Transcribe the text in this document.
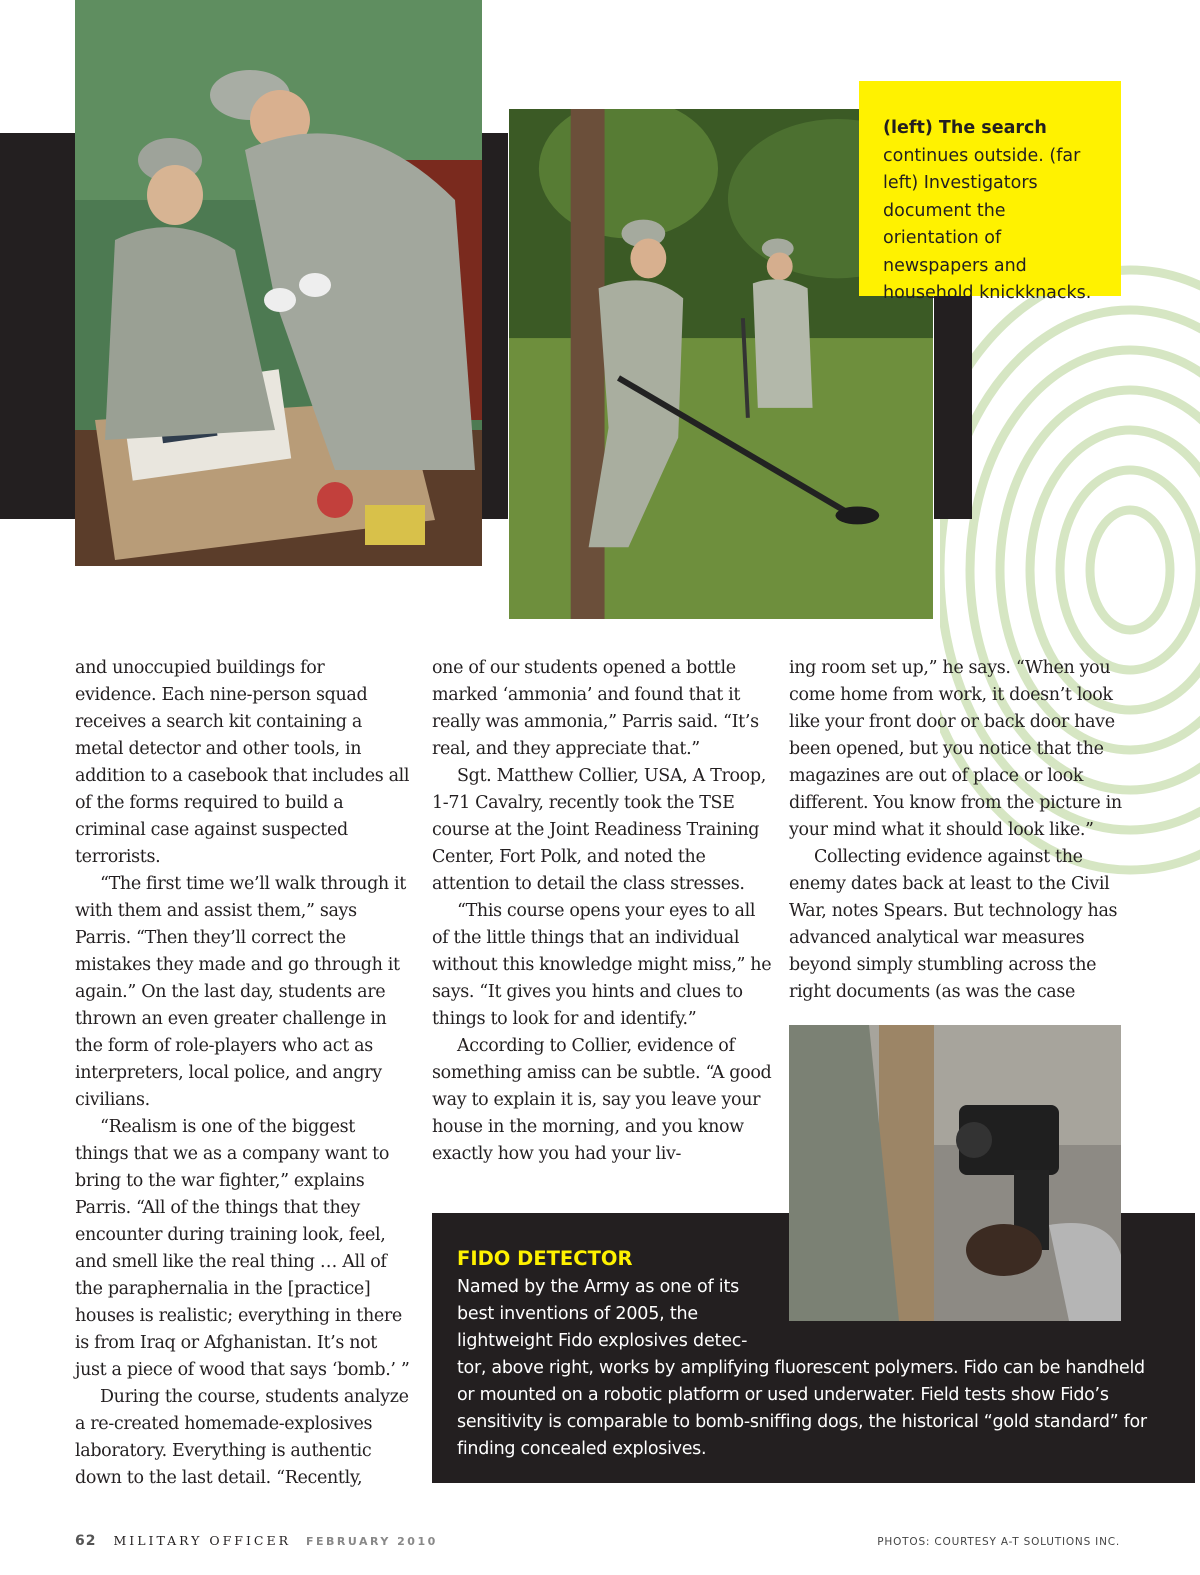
(left) The search continues outside. (far left) Investigators document the orientation of newspapers and household knickknacks.

and unoccupied buildings for evidence. Each nine-person squad receives a search kit containing a metal detector and other tools, in addition to a casebook that includes all of the forms required to build a criminal case against suspected terrorists.

“The first time we’ll walk through it with them and assist them,” says Parris. “Then they’ll correct the mistakes they made and go through it again.” On the last day, students are thrown an even greater challenge in the form of role-players who act as interpreters, local police, and angry civilians.

“Realism is one of the biggest things that we as a company want to bring to the war fighter,” explains Parris. “All of the things that they encounter during training look, feel, and smell like the real thing … All of the paraphernalia in the [practice] houses is realistic; everything in there is from Iraq or Afghanistan. It’s not just a piece of wood that says ‘bomb.’ ”

During the course, students analyze a re-created homemade-explosives laboratory. Everything is authentic down to the last detail. “Recently,

one of our students opened a bottle marked ‘ammonia’ and found that it really was ammonia,” Parris said. “It’s real, and they appreciate that.”

Sgt. Matthew Collier, USA, A Troop, 1-71 Cavalry, recently took the TSE course at the Joint Readiness Training Center, Fort Polk, and noted the attention to detail the class stresses.

“This course opens your eyes to all of the little things that an individual without this knowledge might miss,” he says. “It gives you hints and clues to things to look for and identify.”

According to Collier, evidence of something amiss can be subtle. “A good way to explain it is, say you leave your house in the morning, and you know exactly how you had your liv-

ing room set up,” he says. “When you come home from work, it doesn’t look like your front door or back door have been opened, but you notice that the magazines are out of place or look different. You know from the picture in your mind what it should look like.”

Collecting evidence against the enemy dates back at least to the Civil War, notes Spears. But technology has advanced analytical war measures beyond simply stumbling across the right documents (as was the case

FIDO DETECTOR
Named by the Army as one of its best inventions of 2005, the lightweight Fido explosives detec-
tor, above right, works by amplifying fluorescent polymers. Fido can be handheld or mounted on a robotic platform or used underwater. Field tests show Fido’s sensitivity is comparable to bomb-sniffing dogs, the historical “gold standard” for finding concealed explosives.
62 MILITARY OFFICER FEBRUARY 2010	PHOTOS: COURTESY A-T SOLUTIONS INC.
